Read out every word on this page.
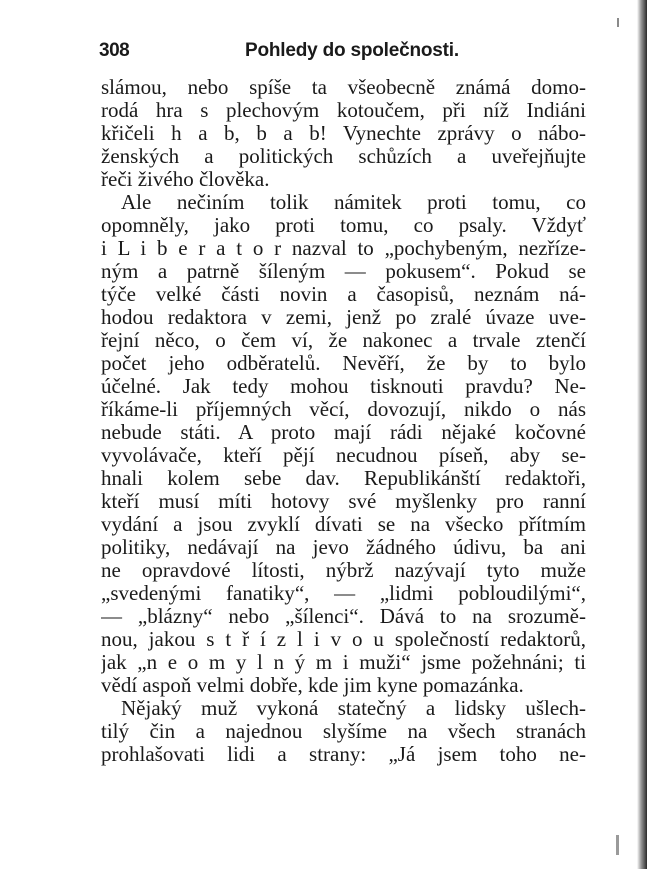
308	Pohledy do společnosti.
slámou, nebo spíše ta všeobecně známá domo-
rodá hra s plechovým kotoučem, při níž Indiáni
křičeli h a b, b a b! Vynechte zprávy o nábo-
ženských a politických schůzích a uveřejňujte
řeči živého člověka.
Ale nečiním tolik námitek proti tomu, co
opomněly, jako proti tomu, co psaly. Vždyť
i L i b e r a t o r nazval to „pochybeným, nezřízе-
ným a patrně šíleným — pokusem“. Pokud se
týče velké části novin a časopisů, neznám ná-
hodou redaktora v zemi, jenž po zralé úvaze uve-
řejní něco, o čem ví, že nakonec a trvale ztenčí
počet jeho odběratelů. Nevěří, že by to bylo
účelné. Jak tedy mohou tisknouti pravdu? Ne-
říkáme-li příjemných věcí, dovozují, nikdo o nás
nebude státi. A proto mají rádi nějaké kočovné
vyvolávače, kteří pějí necudnou píseň, aby se-
hnali kolem sebe dav. Republikánští redaktoři,
kteří musí míti hotovy své myšlenky pro ranní
vydání a jsou zvyklí dívati se na všecko přítmím
politiky, nedávají na jevo žádného údivu, ba ani
ne opravdové lítosti, nýbrž nazývají tyto muže
„svedenými fanatiky“, — „lidmi pobloudilými“,
— „blázny“ nebo „šílenci“. Dává to na srozumě-
nou, jakou s t ř í z l i v o u společností redaktorů,
jak „n e o m y l n ý m i muži“ jsme požehnáni; ti
vědí aspoň velmi dobře, kde jim kyne pomazánka.
Nějaký muž vykoná statečný a lidsky ušlech-
tilý čin a najednou slyšíme na všech stranách
prohlašovati lidi a strany: „Já jsem toho ne-
